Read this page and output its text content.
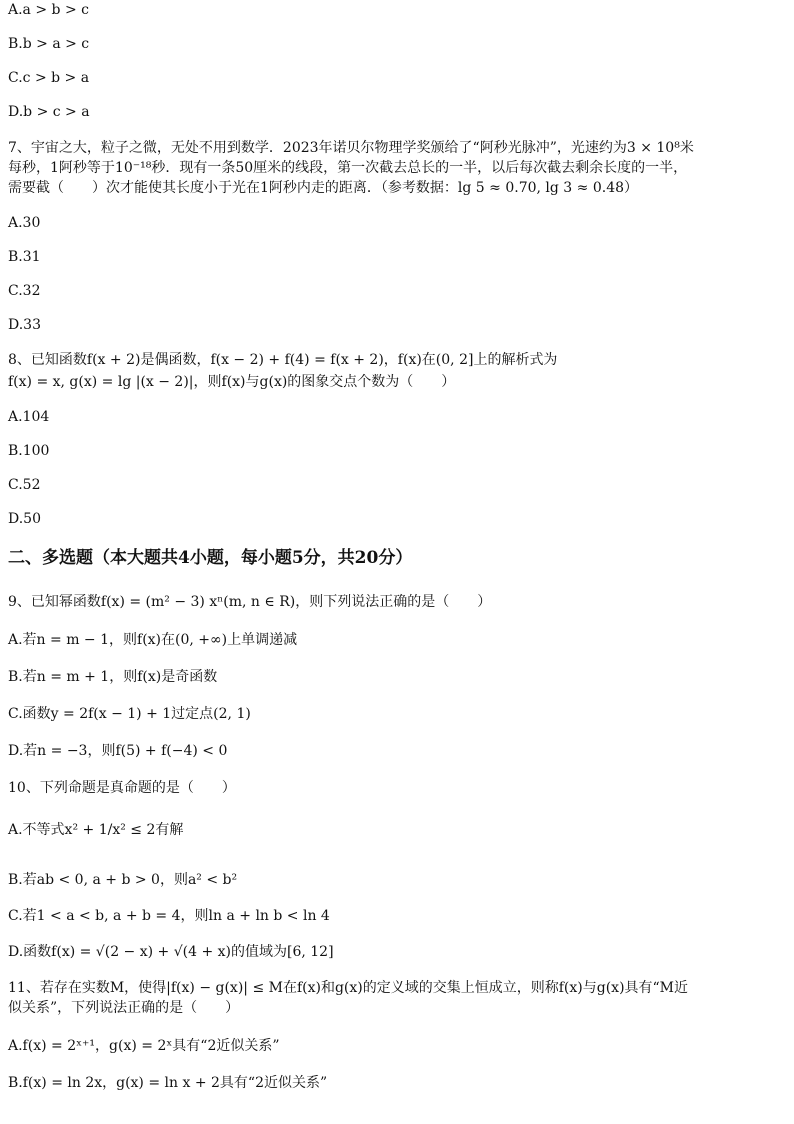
A.a > b > c
B.b > a > c
C.c > b > a
D.b > c > a
7、宇宙之大，粒子之微，无处不用到数学．2023年诺贝尔物理学奖颁给了“阿秒光脉冲”，光速约为3 × 10⁸米
每秒，1阿秒等于10⁻¹⁸秒．现有一条50厘米的线段，第一次截去总长的一半，以后每次截去剩余长度的一半，
需要截（　　）次才能使其长度小于光在1阿秒内走的距离．（参考数据：lg 5 ≈ 0.70, lg 3 ≈ 0.48）
A.30
B.31
C.32
D.33
8、已知函数f(x + 2)是偶函数，f(x − 2) + f(4) = f(x + 2)，f(x)在(0, 2]上的解析式为
f(x) = x, g(x) = lg |(x − 2)|，则f(x)与g(x)的图象交点个数为（　　）
A.104
B.100
C.52
D.50
9、已知幂函数f(x) = (m² − 3) xⁿ(m, n ∈ R)，则下列说法正确的是（　　）
A.若n = m − 1，则f(x)在(0, +∞)上单调递减
B.若n = m + 1，则f(x)是奇函数
C.函数y = 2f(x − 1) + 1过定点(2, 1)
D.若n = −3，则f(5) + f(−4) < 0
10、下列命题是真命题的是（　　）
A.不等式x² + 1/x² ≤ 2有解
B.若ab < 0, a + b > 0，则a² < b²
C.若1 < a < b, a + b = 4，则ln a + ln b < ln 4
D.函数f(x) = √(2 − x) + √(4 + x)的值域为[6, 12]
11、若存在实数M，使得|f(x) − g(x)| ≤ M在f(x)和g(x)的定义域的交集上恒成立，则称f(x)与g(x)具有“M近
似关系”，下列说法正确的是（　　）
A.f(x) = 2ˣ⁺¹，g(x) = 2ˣ具有“2近似关系”
B.f(x) = ln 2x，g(x) = ln x + 2具有“2近似关系”
二、多选题（本大题共4小题，每小题5分，共20分）
